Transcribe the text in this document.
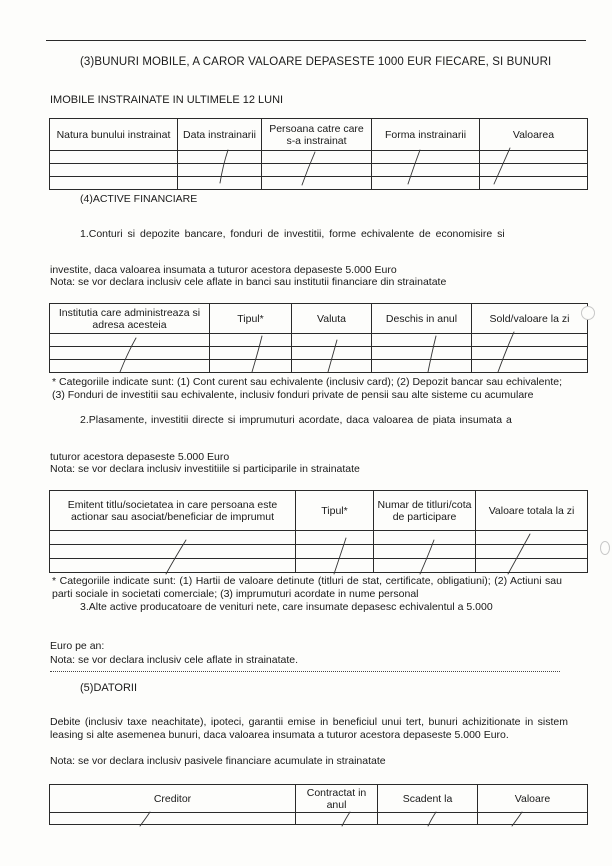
(3)BUNURI MOBILE, A CAROR VALOARE DEPASESTE 1000 EUR FIECARE, SI BUNURI
IMOBILE INSTRAINATE IN ULTIMELE 12 LUNI
Natura bunului instrainat	Data instrainarii	Persoana catre care s-a instrainat	Forma instrainarii	Valoarea

(4)ACTIVE FINANCIARE
1.Conturi si depozite bancare, fonduri de investitii, forme echivalente de economisire si
investite, daca valoarea insumata a tuturor acestora depaseste 5.000 Euro
Nota: se vor declara inclusiv cele aflate in banci sau institutii financiare din strainatate
Institutia care administreaza si adresa acesteia	Tipul*	Valuta	Deschis in anul	Sold/valoare la zi

* Categoriile indicate sunt: (1) Cont curent sau echivalente (inclusiv card); (2) Depozit bancar sau echivalente; (3) Fonduri de investitii sau echivalente, inclusiv fonduri private de pensii sau alte sisteme cu acumulare
2.Plasamente, investitii directe si imprumuturi acordate, daca valoarea de piata insumata a
tuturor acestora depaseste 5.000 Euro
Nota: se vor declara inclusiv investitiile si participarile in strainatate
Emitent titlu/societatea in care persoana este actionar sau asociat/beneficiar de imprumut	Tipul*	Numar de titluri/cota de participare	Valoare totala la zi

* Categoriile indicate sunt: (1) Hartii de valoare detinute (titluri de stat, certificate, obligatiuni); (2) Actiuni sau parti sociale in societati comerciale; (3) imprumuturi acordate in nume personal
3.Alte active producatoare de venituri nete, care insumate depasesc echivalentul a 5.000
Euro pe an:
Nota: se vor declara inclusiv cele aflate in strainatate.
(5)DATORII
Debite (inclusiv taxe neachitate), ipoteci, garantii emise in beneficiul unui tert, bunuri achizitionate in sistem leasing si alte asemenea bunuri, daca valoarea insumata a tuturor acestora depaseste 5.000 Euro.
Nota: se vor declara inclusiv pasivele financiare acumulate in strainatate
Creditor	Contractat in anul	Scadent la	Valoare
